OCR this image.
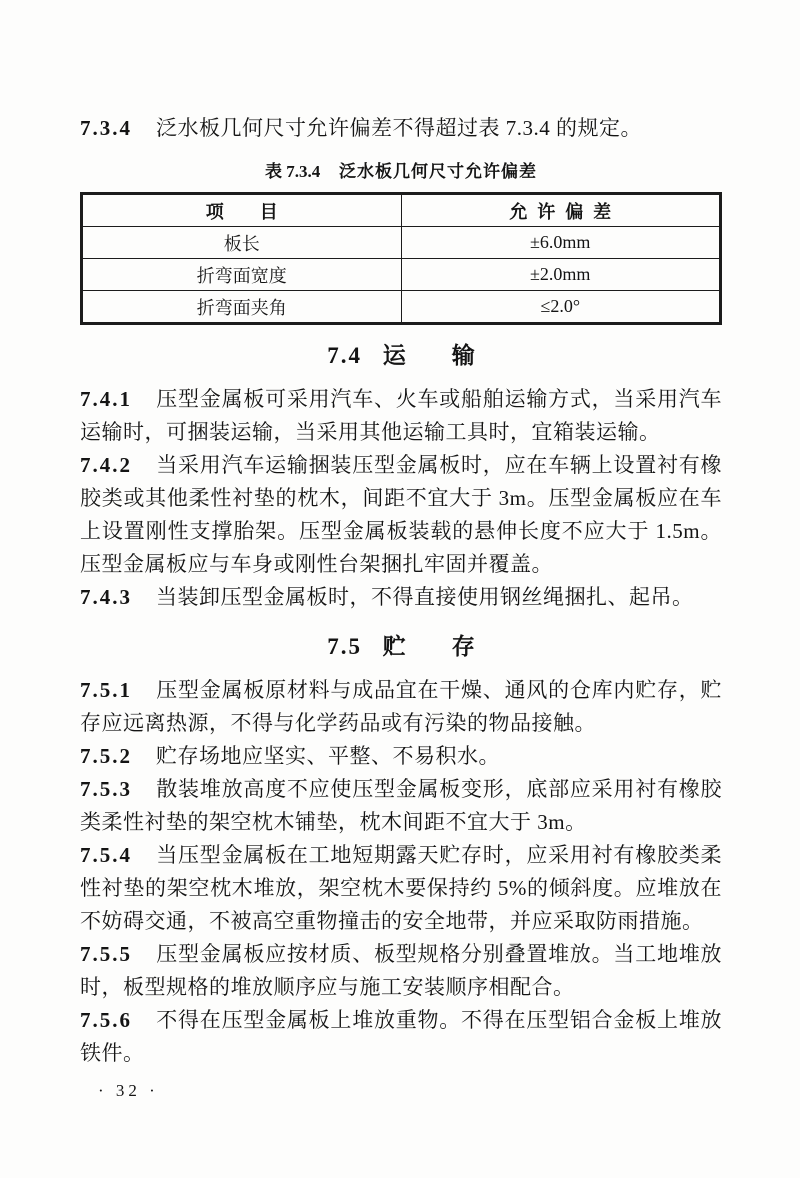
7.3.4 泛水板几何尺寸允许偏差不得超过表 7.3.4 的规定。

表 7.3.4 泛水板几何尺寸允许偏差
项目	允许偏差
板长	±6.0mm
折弯面宽度	±2.0mm
折弯面夹角	≤2.0°
7.4 运输

7.4.1 压型金属板可采用汽车、火车或船舶运输方式，当采用汽车运输时，可捆装运输，当采用其他运输工具时，宜箱装运输。

7.4.2 当采用汽车运输捆装压型金属板时，应在车辆上设置衬有橡胶类或其他柔性衬垫的枕木，间距不宜大于 3m。压型金属板应在车上设置刚性支撑胎架。压型金属板装载的悬伸长度不应大于 1.5m。压型金属板应与车身或刚性台架捆扎牢固并覆盖。

7.4.3 当装卸压型金属板时，不得直接使用钢丝绳捆扎、起吊。

7.5 贮存

7.5.1 压型金属板原材料与成品宜在干燥、通风的仓库内贮存，贮存应远离热源，不得与化学药品或有污染的物品接触。

7.5.2 贮存场地应坚实、平整、不易积水。

7.5.3 散装堆放高度不应使压型金属板变形，底部应采用衬有橡胶类柔性衬垫的架空枕木铺垫，枕木间距不宜大于 3m。

7.5.4 当压型金属板在工地短期露天贮存时，应采用衬有橡胶类柔性衬垫的架空枕木堆放，架空枕木要保持约 5%的倾斜度。应堆放在不妨碍交通，不被高空重物撞击的安全地带，并应采取防雨措施。

7.5.5 压型金属板应按材质、板型规格分别叠置堆放。当工地堆放时，板型规格的堆放顺序应与施工安装顺序相配合。

7.5.6 不得在压型金属板上堆放重物。不得在压型铝合金板上堆放铁件。

· 32 ·
